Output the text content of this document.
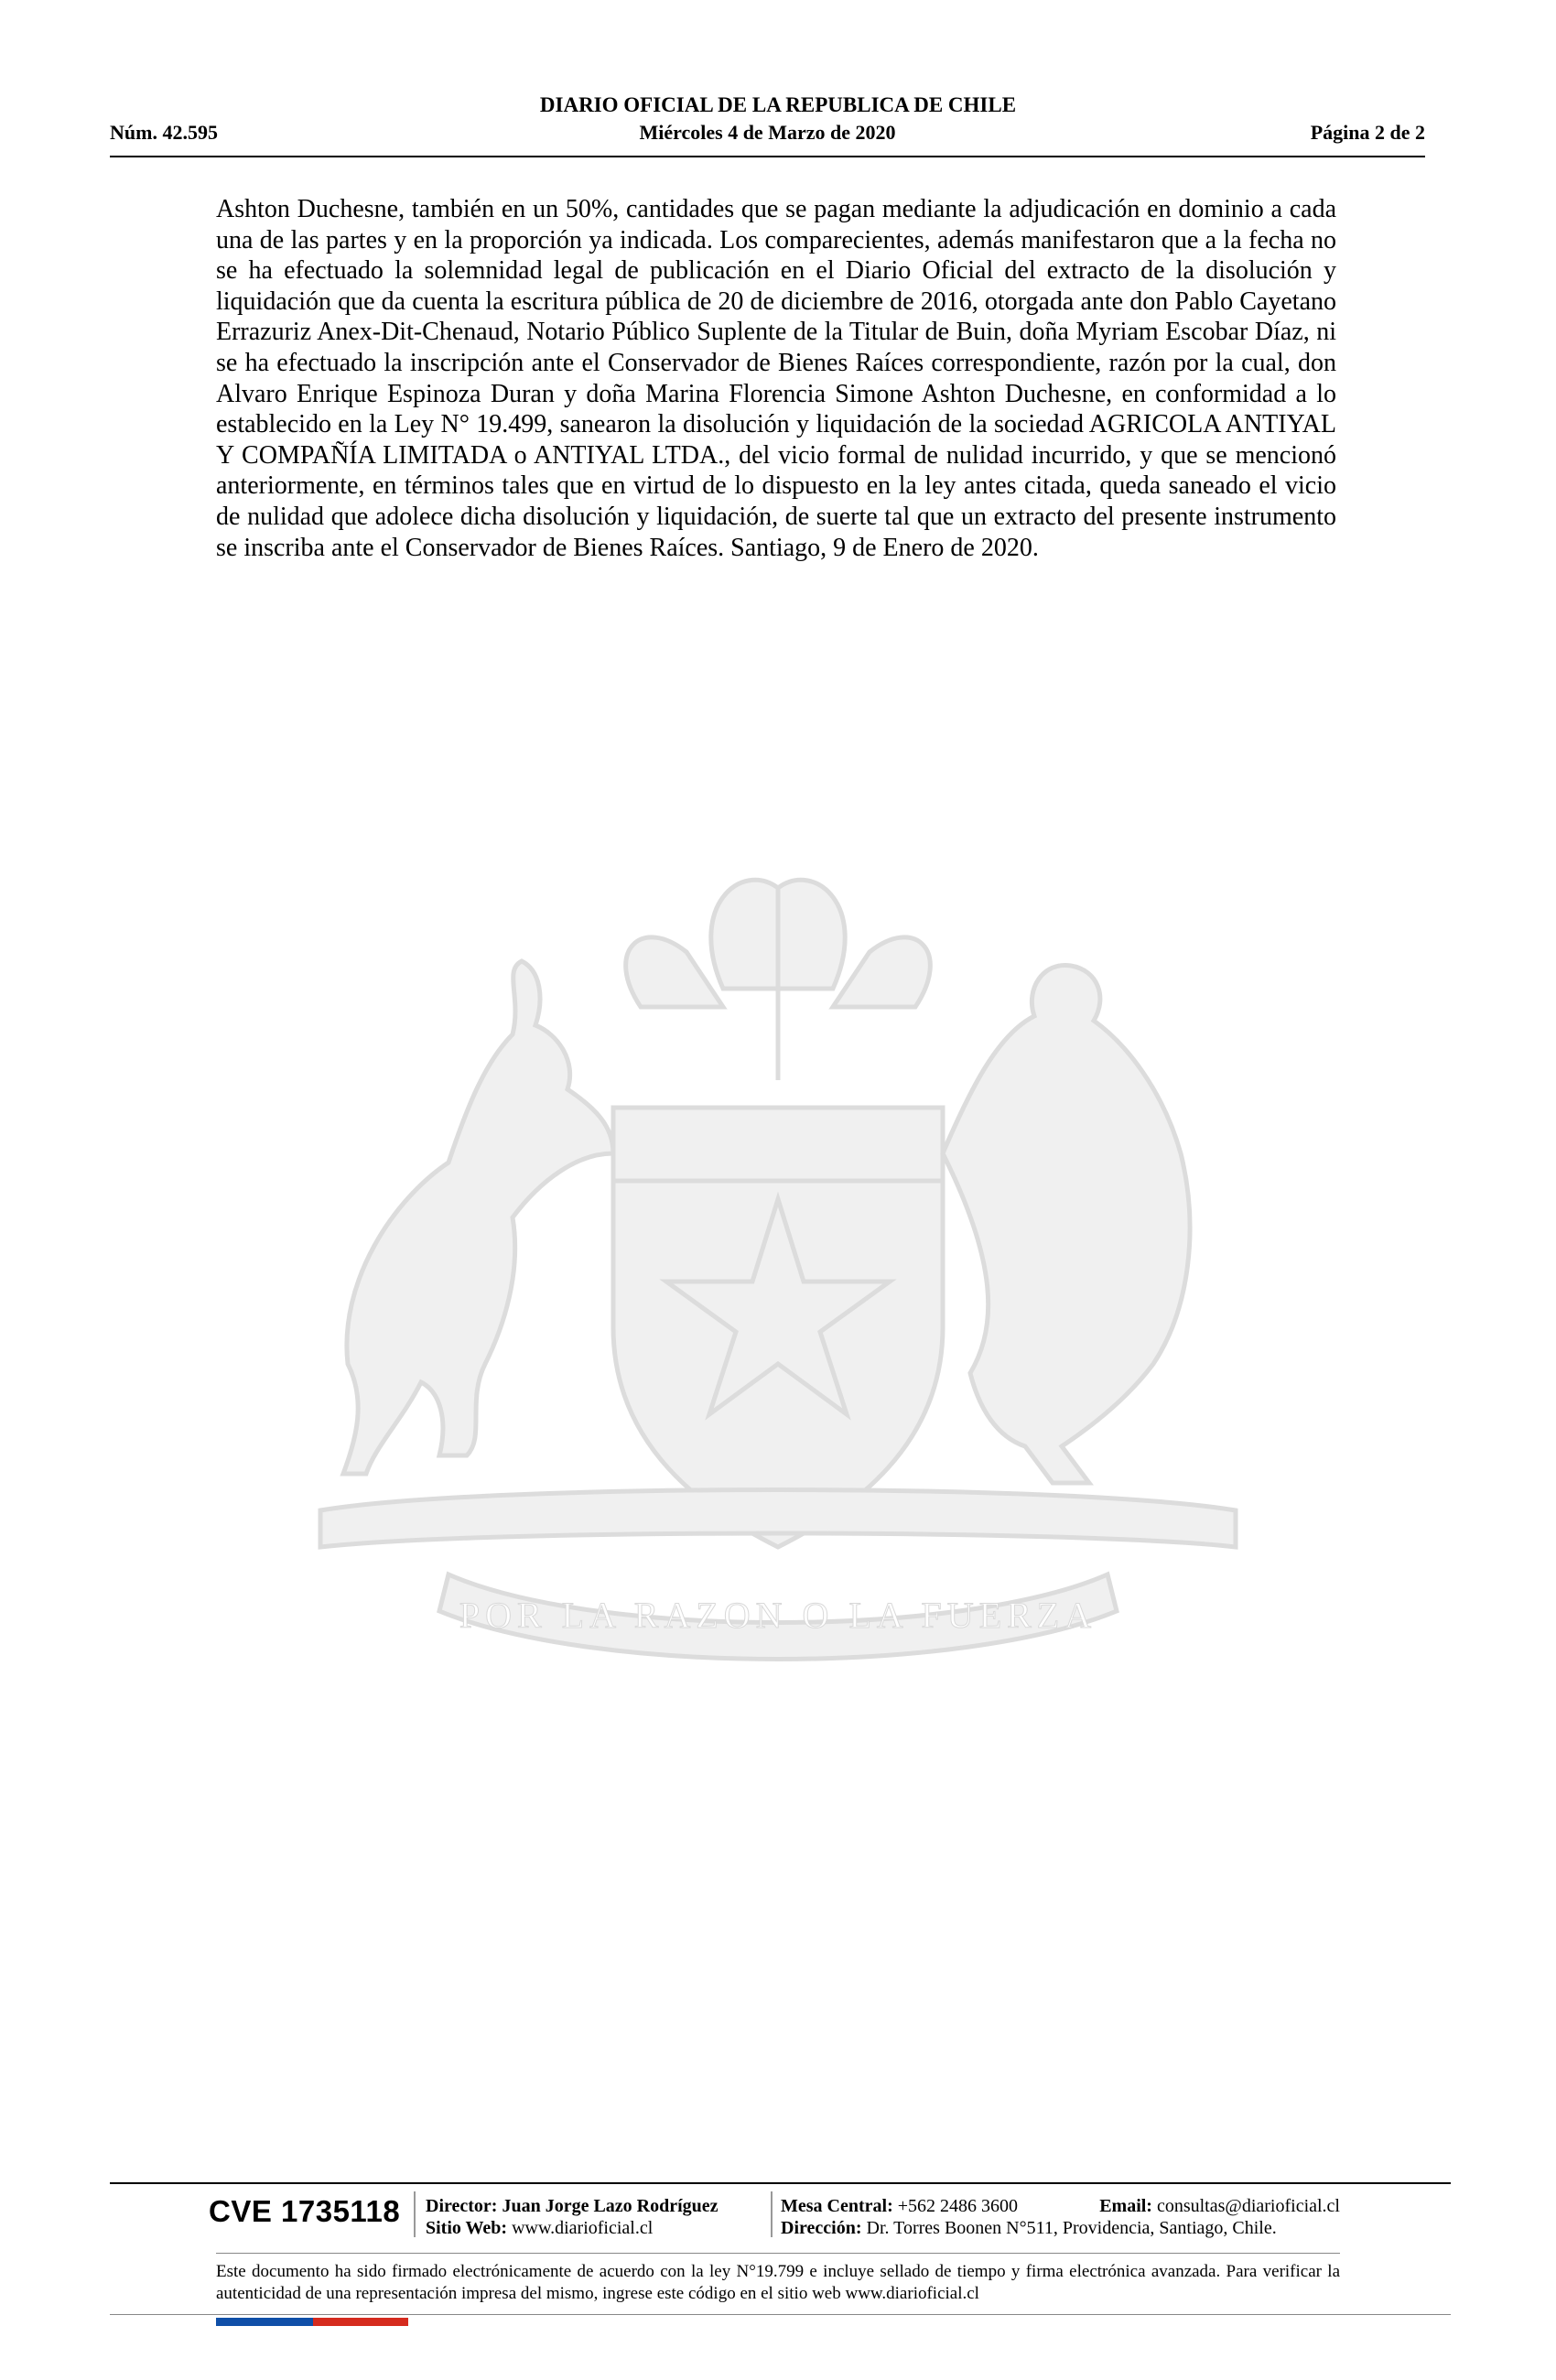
DIARIO OFICIAL DE LA REPUBLICA DE CHILE
Miércoles 4 de Marzo de 2020
Núm. 42.595	Página 2 de 2
Ashton Duchesne, también en un 50%, cantidades que se pagan mediante la adjudicación en dominio a cada una de las partes y en la proporción ya indicada. Los comparecientes, además manifestaron que a la fecha no se ha efectuado la solemnidad legal de publicación en el Diario Oficial del extracto de la disolución y liquidación que da cuenta la escritura pública de 20 de diciembre de 2016, otorgada ante don Pablo Cayetano Errazuriz Anex-Dit-Chenaud, Notario Público Suplente de la Titular de Buin, doña Myriam Escobar Díaz, ni se ha efectuado la inscripción ante el Conservador de Bienes Raíces correspondiente, razón por la cual, don Alvaro Enrique Espinoza Duran y doña Marina Florencia Simone Ashton Duchesne, en conformidad a lo establecido en la Ley N° 19.499, sanearon la disolución y liquidación de la sociedad AGRICOLA ANTIYAL Y COMPAÑÍA LIMITADA o ANTIYAL LTDA., del vicio formal de nulidad incurrido, y que se mencionó anteriormente, en términos tales que en virtud de lo dispuesto en la ley antes citada, queda saneado el vicio de nulidad que adolece dicha disolución y liquidación, de suerte tal que un extracto del presente instrumento se inscriba ante el Conservador de Bienes Raíces. Santiago, 9 de Enero de 2020.
POR LA RAZON O LA FUERZA
CVE 1735118 Director: Juan Jorge Lazo Rodríguez
Sitio Web: www.diarioficial.cl
Mesa Central: +562 2486 3600	Email: consultas@diarioficial.cl
Dirección: Dr. Torres Boonen N°511, Providencia, Santiago, Chile.
Este documento ha sido firmado electrónicamente de acuerdo con la ley N°19.799 e incluye sellado de tiempo y firma electrónica avanzada. Para verificar la autenticidad de una representación impresa del mismo, ingrese este código en el sitio web www.diarioficial.cl
